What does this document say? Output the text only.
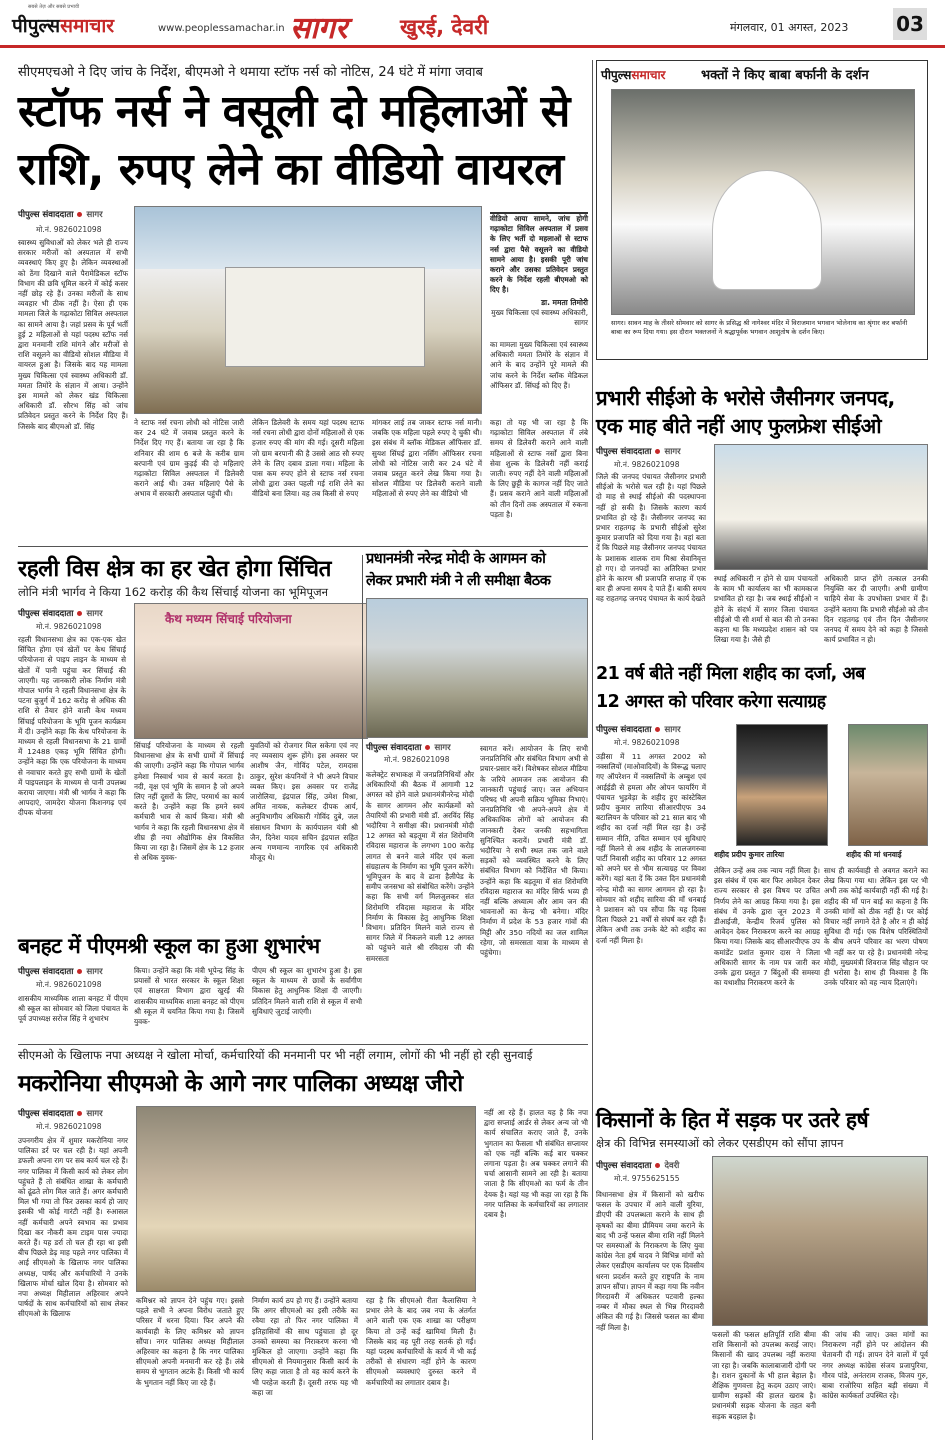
सबसे तेज़ और सबसे प्रभावी
पीपुल्ससमाचार	www.peoplessamachar.in सागर	खुरई, देवरी	मंगलवार, 01 अगस्त, 2023 03
सीएमएचओ ने दिए जांच के निर्देश, बीएमओ ने थमाया स्टॉफ नर्स को नोटिस, 24 घंटे में मांगा जवाब
स्टॉफ नर्स ने वसूली दो महिलाओं से
राशि, रुपए लेने का वीडियो वायरल
पीपुल्स संवाददाता सागर
मो.नं. 9826021098
स्वास्थ्य सुविधाओं को लेकर भले ही राज्य सरकार मरीजों को अस्पताल में सभी व्यवस्थाएं किए हुए है। लेकिन व्यवस्थाओं को ठेंगा दिखाने वाले पैरामेडिकल स्टॉफ विभाग की छवि धूमिल करने में कोई कसर नहीं छोड़ रहे हैं। उनका मरीजों के साथ व्यवहार भी ठीक नहीं है। ऐसा ही एक मामला जिले के गढ़ाकोटा सिविल अस्पताल का सामने आया है। जहां प्रसव के पूर्व भर्ती हुई 2 महिलाओं से यहां पदस्थ स्टॉफ नर्स द्वारा मनमानी राशि मांगने और मरीजों से राशि वसूलने का वीडियो सोशल मीडिया में वायरल हुआ है। जिसके बाद यह मामला मुख्य चिकित्सा एवं स्वास्थ्य अधिकारी डॉ. ममता तिमोरे के संज्ञान में आया। उन्होंने इस मामले को लेकर खंड चिकित्सा अधिकारी डॉ. सौरभ सिंह को जांच प्रतिवेदन प्रस्तुत करने के निर्देश दिए हैं। जिसके बाद बीएमओ डॉ. सिंह	ने स्टाफ नर्स रचना लोधी को नोटिस जारी कर 24 घंटे में जवाब प्रस्तुत करने के निर्देश दिए गए हैं। बताया जा रहा है कि शनिवार की शाम 6 बजे के करीब ग्राम बरपानी एवं ग्राम कुड़ई की दो महिलाएं गढ़ाकोटा सिविल अस्पताल में डिलेवरी कराने आई थी। उक्त महिलाएं पैसे के अभाव में सरकारी अस्पताल पहुंची थी।
लेकिन डिलेवरी के समय यहां पदस्थ स्टाफ नर्स रचना लोधी द्वारा दोनों महिलाओं से एक हजार रुपए की मांग की गई। दूसरी महिला जो ग्राम बरपानी की है उससे आठ सौ रुपए लेने के लिए दबाव डाला गया। महिला के पास कम रुपए होने से स्टाफ नर्स रचना लोधी द्वारा उक्त पहली गई राशि लेने का वीडियो बना लिया। वह तब किसी से रुपए
मांगकर लाई तब जाकर स्टाफ नर्स मानी। जबकि एक महिला पहले रुपए दे चुकी थी। इस संबंध में ब्लॉक मेडिकल ऑफिसर डॉ. सुयश सिंघई द्वारा नर्सिंग ऑफिसर रचना लोधी को नोटिस जारी कर 24 घंटे में जवाब प्रस्तुत करने लेख किया गया है। सोशल मीडिया पर डिलेवरी कराने वाली महिलाओं से रुपए लेने का वीडियो भी
वीडियो आया सामने, जांच होगी गढ़ाकोटा सिविल अस्पताल में प्रसव के लिए भर्ती दो महलाओं से स्टाफ नर्स द्वारा पैसे वसूलने का वीडियो सामने आया है। इसकी पूरी जांच कराने और उसका प्रतिवेदन प्रस्तुत करने के निर्देश रहली बीएमओ को दिए है।
डा. ममता तिमोरी
मुख्य चिकित्सा एवं स्वास्थ्य अधिकारी, सागर
का मामला मुख्य चिकित्सा एवं स्वास्थ्य अधिकारी ममता तिमोरे के संज्ञान में आने के बाद उन्होंने पूरे मामले की जांच करने के निर्देश ब्लॉक मेडिकल ऑफिसर डॉ. सिंघई को दिए हैं।
कहा तो यह भी जा रहा है कि गढ़ाकोटा सिविल अस्पताल में लंबे समय से डिलेवरी कराने आने वाली महिलाओं से स्टाफ नर्सों द्वारा बिना सेवा शुल्क के डिलेवरी नहीं कराई जाती। रुपए नहीं देने वाली महिलाओं के लिए छुट्टी के कागज नहीं दिए जाते हैं। प्रसव कराने आने वाली महिलाओं को तीन दिनों तक अस्पताल में रुकना पड़ता है।
पीपुल्ससमाचार	भक्तों ने किए बाबा बर्फानी के दर्शन
सागर। सावन माह के तीसरे सोमवार को सागर के प्रसिद्ध श्री नागेश्वर मंदिर में विराजमान भगवान भोलेनाथ का श्रृंगार कर बर्फानी बाबा का रूप दिया गया। इस दौरान भक्तजनों ने श्रद्धापूर्वक भगवान आशुतोष के दर्शन किए।
प्रभारी सीईओ के भरोसे जैसीनगर जनपद,
एक माह बीते नहीं आए फुलफ्रेश सीईओ
पीपुल्स संवाददाता सागर
मो.नं. 9826021098
जिले की जनपद पंचायत जैसीनगर प्रभारी सीईओ के भरोसे चल रही है। यहां पिछले दो माह से स्थाई सीईओ की पदस्थापना नहीं हो सकी है। जिसके कारण कार्य प्रभावित हो रहे हैं। जैसीनगर जनपद का प्रभार राहतगढ़ के प्रभारी सीईओ सुरेश कुमार प्रजापति को दिया गया है। वहां बता दें कि पिछले माह जैसीनगर जनपद पंचायत के प्रशासक शालक राम मिश्रा सेवानिवृत्त हो गए। दो जनपदों का अतिरिक्त प्रभार होने के कारण श्री प्रजापति सप्ताह में एक बार ही अपना समय दे पाते हैं। बाकी समय वह राहतगढ़ जनपद पंचायत के कार्य देखते
स्थाई अधिकारी न होने से ग्राम पंचायतों के काम भी कार्यालय का भी कामकाज प्रभावित हो रहा है। जब स्थाई सीईओ न होने के संदर्भ में सागर जिला पंचायत सीईओ पी सी शर्मा से बात की तो उनका कहना था कि मध्यप्रदेश शासन को पत्र लिखा गया है। जैसे ही
अधिकारी प्राप्त होंगे तत्काल उनकी नियुक्ति कर दी जाएगी। अभी ग्रामीण चाहिये सेवा के उपभोक्ता प्रभार में हैं। उन्होंने बताया कि प्रभारी सीईओ को तीन दिन राहतगढ़ एवं तीन दिन जैसीनगर जनपद में समय देने को कहा है जिससे कार्य प्रभावित न हो।
रहली विस क्षेत्र का हर खेत होगा सिंचित
लोनि मंत्री भार्गव ने किया 162 करोड़ की कैथ सिंचाई योजना का भूमिपूजन
पीपुल्स संवाददाता सागर
मो.नं. 9826021098
रहली विधानसभा क्षेत्र का एक-एक खेत सिंचित होगा एवं खेतों पर केथ सिंचाई परियोजना से पाइप लाइन के माध्यम से खेतों में पानी पहुंचा कर सिंचाई की जाएगी। यह जानकारी लोक निर्माण मंत्री गोपाल भार्गव ने रहली विधानसभा क्षेत्र के पटना बुजुर्ग में 162 करोड़ से अधिक की राशि से तैयार होने वाली केथ मध्यम सिंचाई परियोजना के भूमि पूजन कार्यक्रम में दी। उन्होंने कहा कि केथ परियोजना के माध्यम से रहली विधानसभा के 21 ग्रामों में 12488 एकड़ भूमि सिंचित होगी। उन्होंने कहा कि एक परियोजना के माध्यम से नवाचार करते हुए सभी ग्रामों के खेतों में पाइपलाइन के माध्यम से पानी उपलब्ध कराया जाएगा। मंत्री श्री भार्गव ने कहा कि आपदाएं, जामदेरा योजना किशनगढ़ एवं दीपक योजना
कैथ मध्यम सिंचाई परियोजना
सिंचाई परियोजना के माध्यम से रहली विधानसभा क्षेत्र के सभी ग्रामों में सिंचाई की जाएगी। उन्होंने कहा कि गोपाल भार्गव हमेशा निस्वार्थ भाव से कार्य करता है। नदी, वृक्ष एवं भूमि के समान है जो अपने लिए नहीं दूसरों के लिए, परमार्थ का कार्य करते है। उन्होंने कहा कि हमने स्वयं कर्मचारी भाव से कार्य किया। मंत्री श्री भार्गव ने कहा कि रहली विधानसभा क्षेत्र में शीघ्र ही नया औद्योगिक क्षेत्र विकसित किया जा रहा है। जिसमें क्षेत्र के 12 हजार से अधिक युवक-
युवतियों को रोजगार मिल सकेगा एवं नए नए व्यवसाय शुरू होंगे। इस अवसर पर आशीष जैन, गोविंद पटेल, रामदास ठाकुर, सुरेश कंपनियों ने भी अपने विचार व्यक्त किए। इस अवसर पर राजेंद्र जारोलिया, इंद्रपाल सिंह, उमेश मिश्रा, अमित नायक, कलेक्टर दीपक आर्य, अनुविभागीय अधिकारी गोविंद दुबे, जल संसाधन विभाग के कार्यपालन यंत्री श्री जैन, दिनेश यादव सचिन इंद्रपाल सहित अन्य गणमान्य नागरिक एवं अधिकारी मौजूद थे।
प्रधानमंत्री नरेन्द्र मोदी के आगमन को
लेकर प्रभारी मंत्री ने ली समीक्षा बैठक
पीपुल्स संवाददाता सागर
मो.नं. 9826021098
कलेक्ट्रेट सभाकक्ष में जनप्रतिनिधियों और अधिकारियों की बैठक में आगामी 12 अगस्त को होने वाले प्रधानमंत्रीनरेन्द्र मोदी के सागर आगमन और कार्यक्रमों को तैयारियों की प्रभारी मंत्री डॉ. अरविंद सिंह भदौरिया ने समीक्षा की। प्रधानमंत्री मोदी 12 अगस्त को बड़तूमा में संत शिरोमणि रविदास महाराज के लगभग 100 करोड़ लागत से बनने वाले मंदिर एवं कला संग्रहालय के निर्माण का भूमि पूजन करेंगे। भूमिपूजन के बाद वे ढाना हैलीपेड के समीप जनसभा को संबोधित करेंगे। उन्होंने कहा कि सभी वर्ग मिलजुलकर संत शिरोमणि रविदास महाराज के मंदिर निर्माण के विकास हेतु आधुनिक शिक्षा विभाग। प्रतिदिन मिलने वाले राज्य से सागर जिले में निकलने वाली 12 अगस्त को पहुंचने वाले श्री रविदास जी की समरसता
स्वागत करें। आयोजन के लिए सभी जनप्रतिनिधि और संबंधित विभाग अभी से प्रचार-प्रसार करें। विशेषकर सोशल मीडिया के जरिये आमजन तक आयोजन की जानकारी पहुंचाई जाए। जल अभियान परिषद भी अपनी सक्रिय भूमिका निभाएं। जनप्रतिनिधि भी अपने-अपने क्षेत्र में अधिकाधिक लोगों को आयोजन की जानकारी देकर जनकी सहभागिता सुनिश्चित करायें। प्रभारी मंत्री डॉ. भदौरिया ने सभी स्थल तक जाने वाले सड़कों को व्यवस्थित करने के लिए संबंधित विभाग को निर्देशित भी किया। उन्होंने कहा कि बड़तूमा में संत शिरोमणि रविदास महाराज का मंदिर सिर्फ भव्य ही नहीं बल्कि अध्यात्म और आम जन की भावनाओं का केन्द्र भी बनेगा। मंदिर निर्माण में प्रदेश के 53 हजार गांवों की मिट्टी और 350 नदियों का जल शामिल रहेगा, जो समरसता यात्रा के माध्यम से पहुंचेगा।
21 वर्ष बीते नहीं मिला शहीद का दर्जा, अब
12 अगस्त को परिवार करेगा सत्याग्रह
पीपुल्स संवाददाता सागर
मो.नं. 9826021098
उड़ीसा में 11 अगस्त 2002 को नक्सलियों (माओवादियों) के विरूद्ध चलाए गए ऑपरेशन में नक्सलियों के अम्बुश एवं आईईडी से हमला और ओपन फायरिंग में पंचायत भुड़वेड़ा के शहीद हुए कांस्टेबिल प्रदीप कुमार लारिया सीआरपीएफ 34 बटालियन के परिवार को 21 साल बाद भी शहीद का दर्जा नहीं मिल रहा है। उन्हें सम्मान नीति, उचित सम्मान एवं सुविधाएं नहीं मिलने से अब शहीद के लालजगरुवा पार्टी निवासी शहीद का परिवार 12 अगस्त को अपने घर से भीम सत्याग्रह पर विवश करेंगे। यहां बता दें कि उक्त दिन प्रधानमंत्री नरेन्द्र मोदी का सागर आगमन हो रहा है। सोमवार को शहीद सारिया की माँ धनबाई ने प्रशासन को पत्र सौंपा कि यह दिवस दिला पिछले 21 वर्षों से संघर्ष कर रही हैं। लेकिन अभी तक उनके बेटे को शहीद का दर्जा नहीं मिला है।
शहीद प्रदीप कुमार तारिया	शहीद की मां धनवाई
लेकिन उन्हें अब तक न्याय नहीं मिला है। इस संबंध में एक बार फिर आवेदन देकर राज्य सरकार से इस विषय पर उचित निर्णय लेने का आग्रह किया गया है। इस संबंध में उनके द्वारा जून 2023 में डीआईजी, केन्द्रीय रिजर्व पुलिस को आवेदन देकर निराकरण करने का आग्रह किया गया। जिसके बाद सीआरपीएफ उप कमांडेंट प्रशांत कुमार दास ने जिला अधिकारी सागर के नाम पत्र जारी कर उनके द्वारा प्रस्तुत 7 बिंदुओं की समस्या का यथाशीघ्र निराकरण करने के
साथ ही कार्यवाही से अवगत कराने का लेख किया गया था। लेकिन इस पर भी अभी तक कोई कार्यवाही नहीं की गई है। शहीद की माँ पान बाई का कहना है कि उनकी मांगों को ठीक नहीं है। पर कोई विचार नहीं लगाने देते है और न ही कोई सुविधा दी गई। एक विशेष परिस्थितियों के बीच अपने परिवार का भरण पोषण भी नहीं कर पा रहे है। प्रधानमंत्री नरेन्द्र मोदी, मुख्यमंत्री शिवराज सिंह चौहान पर ही भरोसा है। साथ ही विश्वास है कि उनके परिवार को वह न्याय दिलाएंगे।
बनहट में पीएमश्री स्कूल का हुआ शुभारंभ
पीपुल्स संवाददाता सागर
मो.नं. 9826021098
शासकीय माध्यमिक शाला बनहट में पीएम श्री स्कूल का सोमवार को जिला पंचायत के पूर्व उपाध्यक्ष सरोज सिंह ने शुभारंभ
किया। उन्होंने कहा कि मंत्री भूपेन्द्र सिंह के प्रयासों से भारत सरकार के स्कूल शिक्षा एवं साक्षरता विभाग द्वारा खुरई की शासकीय माध्यमिक शाला बनहट को पीएम श्री स्कूल में चयनित किया गया है। जिसमें युवक-
पीएम श्री स्कूल का शुभारंभ हुआ है। इस स्कूल के माध्यम से छात्रों के सर्वांगीण विकास हेतु आधुनिक शिक्षा दी जाएगी। प्रतिदिन मिलने वाली राशि से स्कूल में सभी सुविधाएं जुटाई जाएंगी।
सीएमओ के खिलाफ नपा अध्यक्ष ने खोला मोर्चा, कर्मचारियों की मनमानी पर भी नहीं लगाम, लोगों की भी नहीं हो रही सुनवाई
मकरोनिया सीएमओ के आगे नगर पालिका अध्यक्ष जीरो
पीपुल्स संवाददाता सागर
मो.नं. 9826021098
उपनगरीय क्षेत्र में शुमार मकरोनिया नगर पालिका डर्र पर चल रही है। यहां अपनी डफली अपना राग पर सब कार्य चल रहे हैं। नगर पालिका में किसी कार्य को लेकर लोग पहुंचते हैं तो संबंधित शाखा के कर्मचारी को ढूंढते लोग मिल जाते हैं। अगर कर्मचारी मिल भी गया तो फिर उसका कार्य हो जाए इसकी भी कोई गारंटी नहीं है। रुआसल नहीं कर्मचारी अपने स्वभाव का प्रभाव दिखा कर नौकरी कम टाइम पास ज्यादा करते हैं। यह डर्रा तो चल ही रहा था इसी बीच पिछले डेढ़ माह पहले नगर पालिका में आई सीएमओ के खिलाफ नगर पालिका अध्यक्ष, पार्षद और कर्मचारियों ने उनके खिलाफ मोर्चा खोल दिया है। सोमवार को नपा अध्यक्ष मिहीलाल अहिरवार अपने पार्षदों के साथ कर्मचारियों को साथ लेकर सीएमओ के खिलाफ
कमिश्नर को ज्ञापन देने पहुंच गए। इससे पहले सभी ने अपना विरोध जताते हुए परिसर में धरना दिया। फिर अपने की कार्यवाही के लिए कमिश्नर को ज्ञापन सौंपा। नगर पालिका अध्यक्ष मिहीलाल अहिरवार का कहना है कि नगर पालिका सीएमओ अपनी मनमानी कर रहे हैं। लंबे समय से भुगतान अटके हैं। किसी भी कार्य के भुगतान नहीं किए जा रहे हैं।
निर्माण कार्य ठप हो गए हैं। उन्होंने बताया कि अगर सीएमओ का इसी तरीके का रवैया रहा तो फिर नगर पालिका में इतिहासियों की साथ पहुंचाता हो दूर उनको समस्या का निराकरण करना भी मुश्किल हो जाएगा। उन्होंने कहा कि सीएमओ से नियमानुसार किसी कार्य के लिए कहा जाता है तो वह कार्य करने के भी परहेज करती हैं। दूसरी तरफ यह भी कहा जा
रहा है कि सीएमओ रीता कैलासिया ने प्रभार लेने के बाद जब नपा के अंतर्गत आने वाली एक एक शाखा का परीक्षण किया तो उन्हें कई खामियां मिली हैं। जिसके बाद वह पूरी तरह सतर्क हो गईं। यहां पदस्थ कर्मचारियों के कार्य में भी कई तरीकों से संधारण नहीं होने के कारण सीएमओ व्यवस्थाएं दुरुस्त करने में कर्मचारियों का लगातार दबाव है।
नहीं आ रहे हैं। हालत यह है कि नपा द्वारा सप्लाई आर्डर से लेकर अन्य जो भी कार्य संचालित कराए जाते हैं, उनके भुगतान का फैसला भी संबंधित सप्लायर को एक नहीं बल्कि कई बार चक्कर लगाना पड़ता है। अब चक्कर लगाने की चर्चा आसानी सामने आ रही है। बताया जाता है कि सीएमओ का फर्म के तीन देयक है। यहां यह भी कहा जा रहा है कि नगर पालिका के कर्मचारियों का लगातार दबाव है।
किसानों के हित में सड़क पर उतरे हर्ष
क्षेत्र की विभिन्न समस्याओं को लेकर एसडीएम को सौंपा ज्ञापन
पीपुल्स संवाददाता देवरी
मो.नं. 9755625155
विधानसभा क्षेत्र में किसानों को खरीफ फसल के उपचार में आने वाली यूरिया, डीएपी की उपलब्धता कराने के साथ ही कृषकों का बीमा प्रीमियम जमा कराने के बाद भी उन्हें फसल बीमा राशि नहीं मिलने पर समस्याओं के निराकरण के लिए युवा कांग्रेस नेता हर्ष यादव ने विभिन्न मांगों को लेकर एसडीएम कार्यालय पर एक दिवसीय धरना प्रदर्शन करते हुए राष्ट्रपति के नाम ज्ञापन सौंपा। ज्ञापन में कहा गया कि नवीन गिरदावरी में अधिकतर पटवारी हल्का नम्बर में मौका स्थल से भिन्न गिरदावरी अंकित की गई है। जिससे फसल का बीमा नहीं मिला है।
फसलों की फसल क्षतिपूर्ति राशि बीमा राशि किसानों को उपलब्ध कराई जाए। किसानों की खाद उपलब्ध नहीं कराया जा रहा है। जबकि कालाबाजारी दोगी पर है। राशन दुकानों के भी हाल बेहाल है। शैक्षिक गुणवत्ता हेतु कदम उठाए जाएं। ग्रामीण सड़कों की हालत खराब है। प्रधानमंत्री सड़क योजना के तहत बनी सड़क बदहाल है।
की जांच की जाए। उक्त मांगों का निराकरण नहीं होने पर आंदोलन की चेतावनी दी गई। ज्ञापन देने वालों में पूर्व नगर अध्यक्ष कांग्रेस संजय प्रजापुरिया, गौरव पांडे, अनंतराम राजक, विजय गुरु, बाबा राजोरिया सहित बड़ी संख्या में कांग्रेस कार्यकर्ता उपस्थित रहे।
